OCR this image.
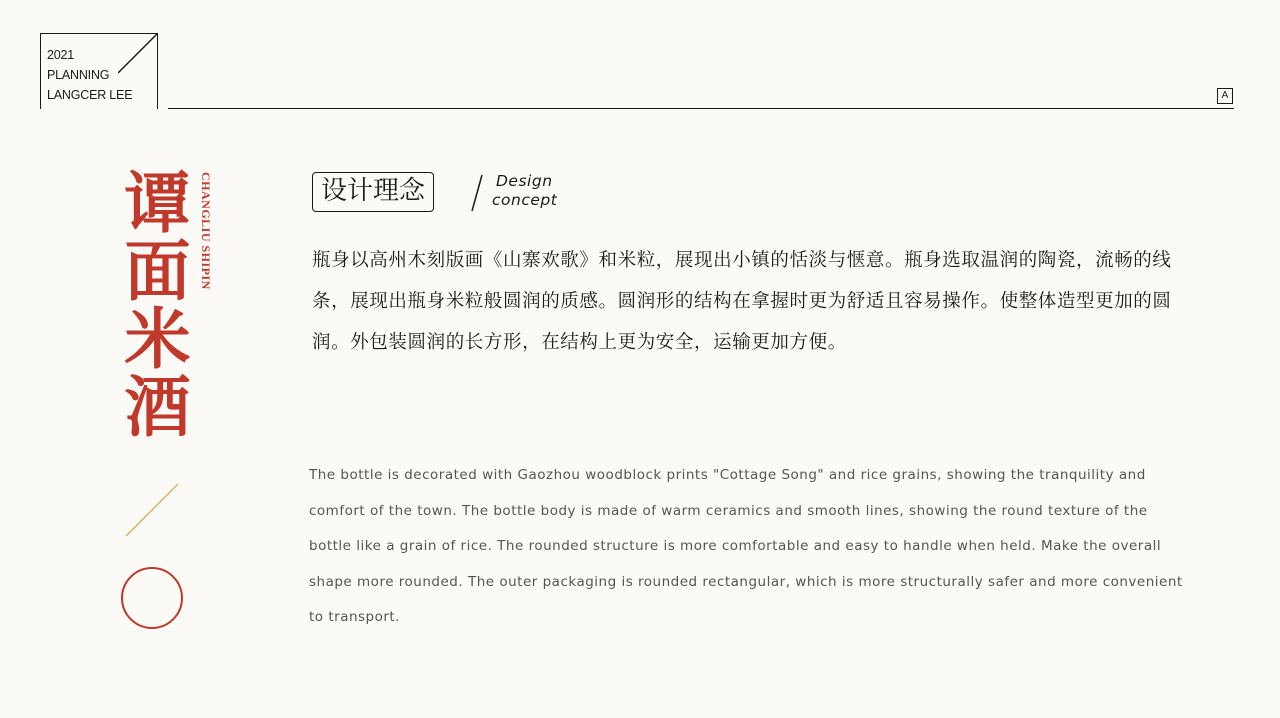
2021
PLANNING
LANGCER LEE	A
谭面米酒 CHANGLIU SHIPIN	设计理念	Design
concept
瓶身以高州木刻版画《山寨欢歌》和米粒，展现出小镇的恬淡与惬意。瓶身选取温润的陶瓷，流畅的线条，展现出瓶身米粒般圆润的质感。圆润形的结构在拿握时更为舒适且容易操作。使整体造型更加的圆润。外包装圆润的长方形，在结构上更为安全，运输更加方便。
The bottle is decorated with Gaozhou woodblock prints "Cottage Song" and rice grains, showing the tranquility and comfort of the town. The bottle body is made of warm ceramics and smooth lines, showing the round texture of the bottle like a grain of rice. The rounded structure is more comfortable and easy to handle when held. Make the overall shape more rounded. The outer packaging is rounded rectangular, which is more structurally safer and more convenient to transport.
